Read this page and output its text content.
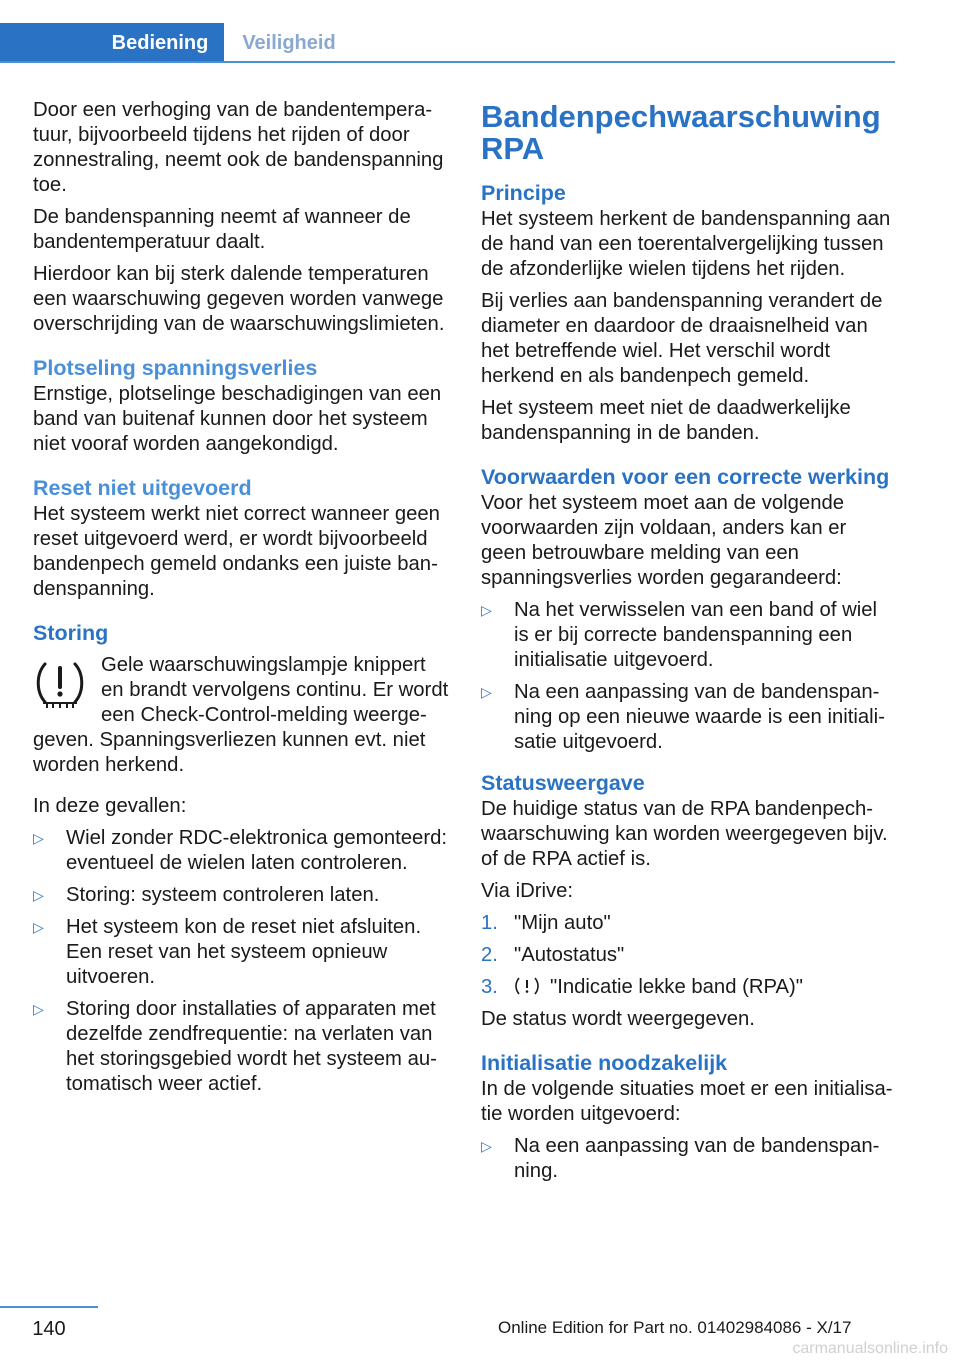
Bediening	Veiligheid

Door een verhoging van de bandentemperatuur, bijvoorbeeld tijdens het rijden of door zonnestraling, neemt ook de bandenspanning toe.

De bandenspanning neemt af wanneer de bandentemperatuur daalt.

Hierdoor kan bij sterk dalende temperaturen een waarschuwing gegeven worden vanwege overschrijding van de waarschuwingslimieten.

Plotseling spanningsverlies

Ernstige, plotselinge beschadigingen van een band van buitenaf kunnen door het systeem niet vooraf worden aangekondigd.

Reset niet uitgevoerd

Het systeem werkt niet correct wanneer geen reset uitgevoerd werd, er wordt bijvoorbeeld bandenpech gemeld ondanks een juiste bandenspanning.

Storing
Gele waarschuwingslampje knippert en brandt vervolgens continu. Er wordt een Check-Control-melding weergegeven. Spanningsverliezen kunnen evt. niet worden herkend.

In deze gevallen:

▷ Wiel zonder RDC-elektronica gemonteerd: eventueel de wielen laten controleren.
▷ Storing: systeem controleren laten.
▷ Het systeem kon de reset niet afsluiten. Een reset van het systeem opnieuw uitvoeren.
▷ Storing door installaties of apparaten met dezelfde zendfrequentie: na verlaten van het storingsgebied wordt het systeem automatisch weer actief.
Bandenpechwaarschuwing RPA
Principe

Het systeem herkent de bandenspanning aan de hand van een toerentalvergelijking tussen de afzonderlijke wielen tijdens het rijden.

Bij verlies aan bandenspanning verandert de diameter en daardoor de draaisnelheid van het betreffende wiel. Het verschil wordt herkend en als bandenpech gemeld.

Het systeem meet niet de daadwerkelijke bandenspanning in de banden.

Voorwaarden voor een correcte werking

Voor het systeem moet aan de volgende voorwaarden zijn voldaan, anders kan er geen betrouwbare melding van een spanningsverlies worden gegarandeerd:

▷ Na het verwisselen van een band of wiel is er bij correcte bandenspanning een initialisatie uitgevoerd.
▷ Na een aanpassing van de bandenspanning op een nieuwe waarde is een initialisatie uitgevoerd.
Statusweergave

De huidige status van de RPA bandenpechwaarschuwing kan worden weergegeven bijv. of de RPA actief is.

Via iDrive:

1. "Mijn auto"
2. "Autostatus"
3.	"Indicatie lekke band (RPA)"

De status wordt weergegeven.

Initialisatie noodzakelijk

In de volgende situaties moet er een initialisatie worden uitgevoerd:

▷ Na een aanpassing van de bandenspanning.
140	Online Edition for Part no. 01402984086 - X/17
carmanualsonline.info
